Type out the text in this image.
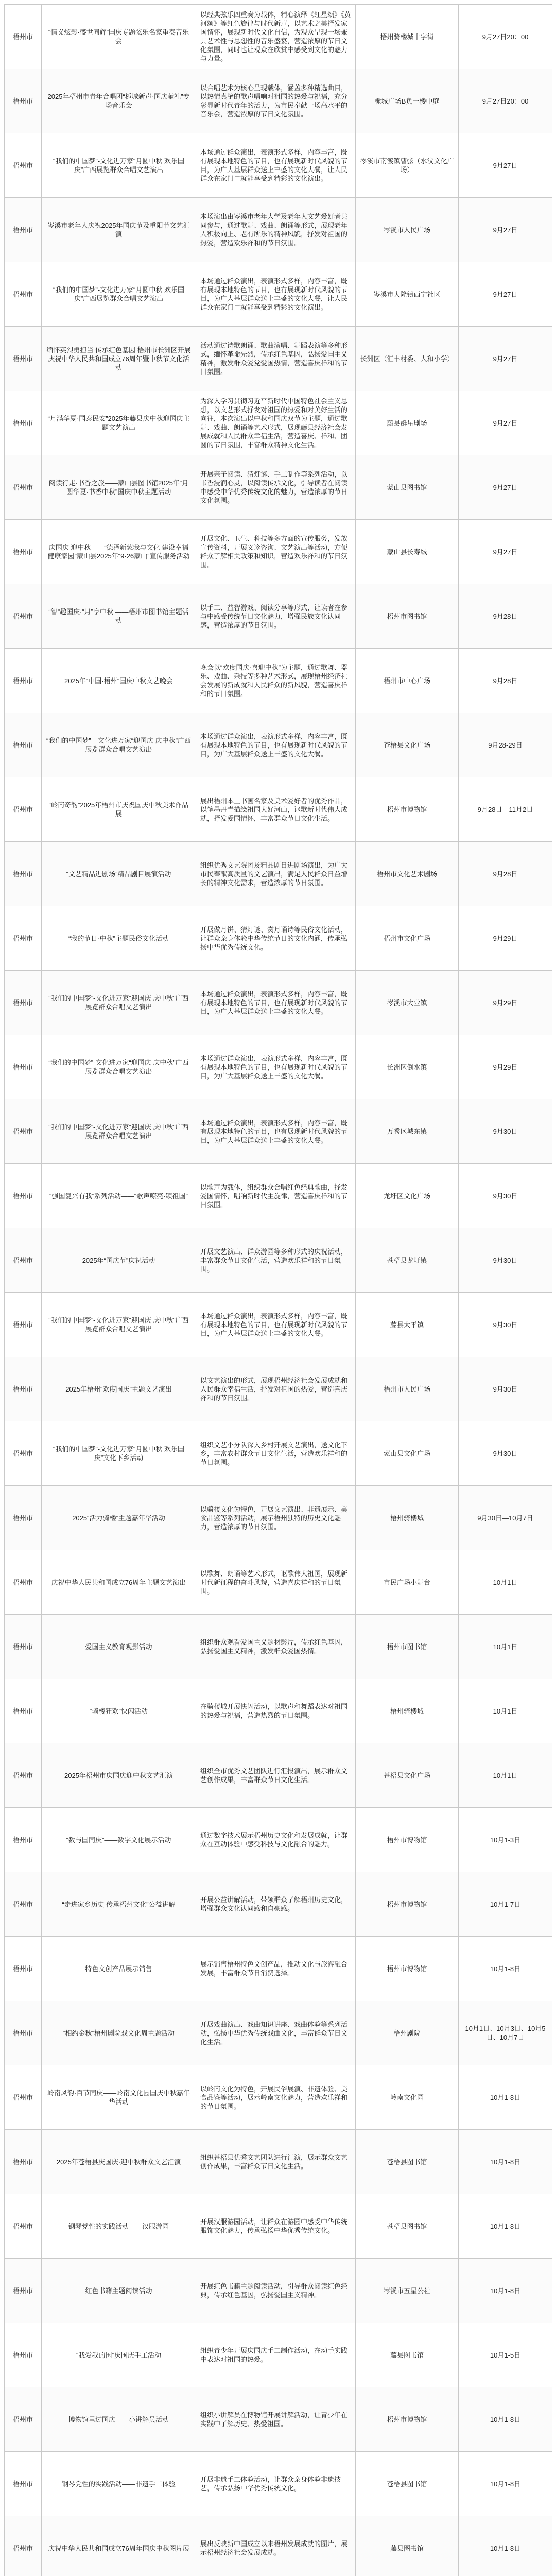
梧州市	“情义炫影·盛世同辉”国庆专题弦乐名家重奏音乐会	以经典弦乐四重奏为载体，精心演绎《红星颂》《黄河颂》等红色旋律与时代新声，以艺术之美抒发家国情怀，展现新时代文化自信，为观众呈现一场兼具艺术性与思想性的音乐盛宴，营造浓厚的节日文化氛围，同时也让观众在欣赏中感受到文化的魅力与力量。	梧州骑楼城十字街	9月27日20：00
梧州市	2025年梧州市青年合唱团“栀城新声·国庆献礼”专场音乐会	以合唱艺术为核心呈现载体，涵盖多种精选曲目，以热情真挚的歌声唱响对祖国的热爱与祝福，充分彰显新时代青年的活力，为市民奉献一场高水平的音乐会，营造浓厚的节日文化氛围。	栀城广场B负一楼中庭	9月27日20：00
梧州市	“我们的中国梦”-文化进万家“月圆中秋 欢乐国庆”广西展览群众合唱文艺演出	本场通过群众演出，表演形式多样，内容丰富，既有展现本地特色的节目，也有展现新时代风貌的节目，为广大基层群众送上丰盛的文化大餐，让人民群众在家门口就能享受到精彩的文化演出。	岑溪市南渡镇曹弦（水汶文化广场）	9月27日
梧州市	岑溪市老年人庆祝2025年国庆节及重阳节文艺汇演	本场演出由岑溪市老年大学及老年人文艺爱好者共同参与，通过歌舞、戏曲、朗诵等形式，展现老年人积极向上、老有所乐的精神风貌，抒发对祖国的热爱，营造欢乐祥和的节日氛围。	岑溪市人民广场	9月27日
梧州市	“我们的中国梦”-文化进万家“月圆中秋 欢乐国庆”广西展览群众合唱文艺演出	本场通过群众演出，表演形式多样，内容丰富，既有展现本地特色的节目，也有展现新时代风貌的节目，为广大基层群众送上丰盛的文化大餐，让人民群众在家门口就能享受到精彩的文化演出。	岑溪市大隆镇西宁社区	9月27日
梧州市	缅怀英烈勇担当 传承红色基因 梧州市长洲区开展庆祝中华人民共和国成立76周年暨中秋节文化活动	活动通过诗歌朗诵、歌曲演唱、舞蹈表演等多种形式，缅怀革命先烈，传承红色基因，弘扬爱国主义精神，激发群众爱党爱国热情，营造喜庆祥和的节日氛围。	长洲区（汇丰村委、人和小学）	9月27日
梧州市	“月满华夏·国泰民安”2025年藤县庆中秋迎国庆主题文艺演出	为深入学习贯彻习近平新时代中国特色社会主义思想，以文艺形式抒发对祖国的热爱和对美好生活的向往，本次演出以中秋和国庆双节为主题，通过歌舞、戏曲、朗诵等艺术形式，展现藤县经济社会发展成就和人民群众幸福生活，营造喜庆、祥和、团圆的节日氛围，丰富群众精神文化生活。	藤县群星剧场	9月27日
梧州市	阅读行走·书香之旅——蒙山县图书馆2025年“月圆华夏·书香中秋”国庆中秋主题活动	开展亲子阅读、猜灯谜、手工制作等系列活动，以书香浸润心灵，以阅读传承文化，引导读者在阅读中感受中华优秀传统文化的魅力，营造浓厚的节日文化氛围。	蒙山县图书馆	9月27日
梧州市	庆国庆 迎中秋——“德泽新蒙我与文化 建设幸福健康家园”蒙山县2025年“9·26蒙山”宣传服务活动	开展文化、卫生、科技等多方面的宣传服务，发放宣传资料，开展义诊咨询、文艺演出等活动，方便群众了解相关政策和知识，营造欢乐祥和的节日氛围。	蒙山县长寿城	9月27日
梧州市	“智”趣国庆·“月”享中秋 ——梧州市图书馆主题活动	以手工、益智游戏、阅读分享等形式，让读者在参与中感受传统节日文化魅力，增强民族文化认同感，营造浓厚的节日氛围。	梧州市图书馆	9月28日
梧州市	2025年“中国·梧州”国庆中秋文艺晚会	晚会以“欢度国庆·喜迎中秋”为主题，通过歌舞、器乐、戏曲、杂技等多种艺术形式，展现梧州经济社会发展的新成就和人民群众的新风貌，营造喜庆祥和的节日氛围。	梧州市中心广场	9月28日
梧州市	“我们的中国梦”—文化进万家“迎国庆 庆中秋”广西展览群众合唱文艺演出	本场通过群众演出，表演形式多样，内容丰富，既有展现本地特色的节目，也有展现新时代风貌的节目，为广大基层群众送上丰盛的文化大餐。	苍梧县文化广场	9月28-29日
梧州市	“岭南奇韵”2025年梧州市庆祝国庆中秋美术作品展	展出梧州本土书画名家及美术爱好者的优秀作品，以笔墨丹青描绘祖国大好河山，讴歌新时代伟大成就，抒发爱国情怀，丰富群众节日文化生活。	梧州市博物馆	9月28日—11月2日
梧州市	“文艺精品进剧场”精品剧目展演活动	组织优秀文艺院团及精品剧目进剧场演出，为广大市民奉献高质量的文艺演出，满足人民群众日益增长的精神文化需求，营造浓厚的节日氛围。	梧州市文化艺术剧场	9月28日
梧州市	“我的节日·中秋”主题民俗文化活动	开展做月饼、猜灯谜、赏月诵诗等民俗文化活动，让群众亲身体验中华传统节日的文化内涵，传承弘扬中华优秀传统文化。	梧州市文化广场	9月29日
梧州市	“我们的中国梦”-文化进万家“迎国庆 庆中秋”广西展览群众合唱文艺演出	本场通过群众演出，表演形式多样，内容丰富，既有展现本地特色的节目，也有展现新时代风貌的节目，为广大基层群众送上丰盛的文化大餐。	岑溪市大业镇	9月29日
梧州市	“我们的中国梦”-文化进万家“迎国庆 庆中秋”广西展览群众合唱文艺演出	本场通过群众演出，表演形式多样，内容丰富，既有展现本地特色的节目，也有展现新时代风貌的节目，为广大基层群众送上丰盛的文化大餐。	长洲区倒水镇	9月29日
梧州市	“我们的中国梦”-文化进万家“迎国庆 庆中秋”广西展览群众合唱文艺演出	本场通过群众演出，表演形式多样，内容丰富，既有展现本地特色的节目，也有展现新时代风貌的节目，为广大基层群众送上丰盛的文化大餐。	万秀区城东镇	9月30日
梧州市	“强国复兴有我”系列活动——“歌声嘹亮·颂祖国”	以歌声为载体，组织群众合唱红色经典歌曲，抒发爱国情怀，唱响新时代主旋律，营造喜庆祥和的节日氛围。	龙圩区文化广场	9月30日
梧州市	2025年“国庆节”庆祝活动	开展文艺演出、群众游园等多种形式的庆祝活动，丰富群众节日文化生活，营造欢乐祥和的节日氛围。	苍梧县龙圩镇	9月30日
梧州市	“我们的中国梦”-文化进万家“迎国庆 庆中秋”广西展览群众合唱文艺演出	本场通过群众演出，表演形式多样，内容丰富，既有展现本地特色的节目，也有展现新时代风貌的节目，为广大基层群众送上丰盛的文化大餐。	藤县太平镇	9月30日
梧州市	2025年梧州“欢度国庆”主题文艺演出	以文艺演出的形式，展现梧州经济社会发展成就和人民群众幸福生活，抒发对祖国的热爱，营造喜庆祥和的节日氛围。	梧州市人民广场	9月30日
梧州市	“我们的中国梦”-文化进万家“月圆中秋 欢乐国庆”文化下乡活动	组织文艺小分队深入乡村开展文艺演出，送文化下乡，丰富农村群众节日文化生活，营造欢乐祥和的节日氛围。	蒙山县文化广场	9月30日
梧州市	2025“活力骑楼”主题嘉年华活动	以骑楼文化为特色，开展文艺演出、非遗展示、美食品鉴等系列活动，展示梧州独特的历史文化魅力，营造浓厚的节日氛围。	梧州骑楼城	9月30日—10月7日
梧州市	庆祝中华人民共和国成立76周年主题文艺演出	以歌舞、朗诵等艺术形式，讴歌伟大祖国，展现新时代新征程的奋斗风貌，营造喜庆祥和的节日氛围。	市民广场小舞台	10月1日
梧州市	爱国主义教育观影活动	组织群众观看爱国主义题材影片，传承红色基因，弘扬爱国主义精神，激发群众爱国热情。	梧州市图书馆	10月1日
梧州市	“骑楼狂欢”快闪活动	在骑楼城开展快闪活动，以歌声和舞蹈表达对祖国的热爱与祝福，营造热烈的节日氛围。	梧州骑楼城	10月1日
梧州市	2025年梧州市庆国庆迎中秋文艺汇演	组织全市优秀文艺团队进行汇报演出，展示群众文艺创作成果，丰富群众节日文化生活。	苍梧县文化广场	10月1日
梧州市	“数与国同庆”——数字文化展示活动	通过数字技术展示梧州历史文化和发展成就，让群众在互动体验中感受科技与文化融合的魅力。	梧州市博物馆	10月1-3日
梧州市	“走进家乡历史 传承梧州文化”公益讲解	开展公益讲解活动，带领群众了解梧州历史文化，增强群众文化认同感和自豪感。	梧州市博物馆	10月1-7日
梧州市	特色文创产品展示销售	展示销售梧州特色文创产品，推动文化与旅游融合发展，丰富群众节日消费选择。	梧州市博物馆	10月1-8日
梧州市	“相约金秋”梧州剧院戏文化周主题活动	开展戏曲演出、戏曲知识讲座、戏曲体验等系列活动，弘扬中华优秀传统戏曲文化，丰富群众节日文化生活。	梧州剧院	10月1日、10月3日、10月5日、10月7日
梧州市	岭南风韵·百节同庆——岭南文化园国庆中秋嘉年华活动	以岭南文化为特色，开展民俗展演、非遗体验、美食品鉴等活动，展示岭南文化魅力，营造欢乐祥和的节日氛围。	岭南文化园	10月1-8日
梧州市	2025年苍梧县庆国庆·迎中秋群众文艺汇演	组织苍梧县优秀文艺团队进行汇演，展示群众文艺创作成果，丰富群众节日文化生活。	苍梧县图书馆	10月1-8日
梧州市	钢琴党性的实践活动——汉服游园	开展汉服游园活动，让群众在游园中感受中华传统服饰文化魅力，传承弘扬中华优秀传统文化。	苍梧县图书馆	10月1-8日
梧州市	红色书籍主题阅读活动	开展红色书籍主题阅读活动，引导群众阅读红色经典，传承红色基因，弘扬爱国主义精神。	岑溪市五星公社	10月1-8日
梧州市	“我爱我的国”庆国庆手工活动	组织青少年开展庆国庆手工制作活动，在动手实践中表达对祖国的热爱。	藤县图书馆	10月1-5日
梧州市	博物馆里过国庆——小讲解员活动	组织小讲解员在博物馆开展讲解活动，让青少年在实践中了解历史、热爱祖国。	梧州市博物馆	10月1-8日
梧州市	钢琴党性的实践活动——非遗手工体验	开展非遗手工体验活动，让群众亲身体验非遗技艺，传承弘扬中华优秀传统文化。	苍梧县图书馆	10月1-8日
梧州市	庆祝中华人民共和国成立76周年国庆中秋图片展	展出反映新中国成立以来梧州发展成就的图片，展示梧州经济社会发展成就。	藤县图书馆	10月1-8日
